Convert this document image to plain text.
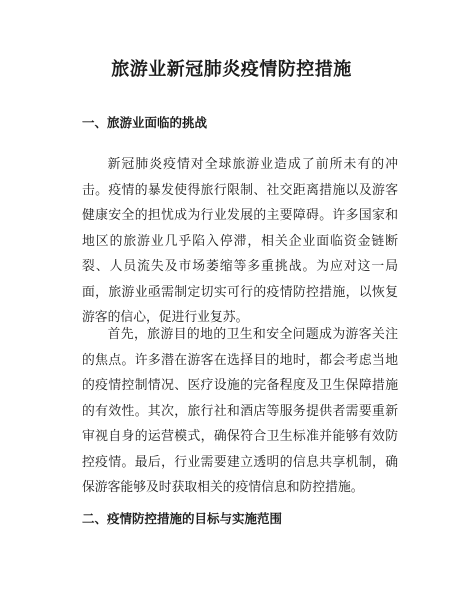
旅游业新冠肺炎疫情防控措施
一、旅游业面临的挑战

新冠肺炎疫情对全球旅游业造成了前所未有的冲击。疫情的暴发使得旅行限制、社交距离措施以及游客健康安全的担忧成为行业发展的主要障碍。许多国家和地区的旅游业几乎陷入停滞，相关企业面临资金链断裂、人员流失及市场萎缩等多重挑战。为应对这一局面，旅游业亟需制定切实可行的疫情防控措施，以恢复游客的信心，促进行业复苏。

首先，旅游目的地的卫生和安全问题成为游客关注的焦点。许多潜在游客在选择目的地时，都会考虑当地的疫情控制情况、医疗设施的完备程度及卫生保障措施的有效性。其次，旅行社和酒店等服务提供者需要重新审视自身的运营模式，确保符合卫生标准并能够有效防控疫情。最后，行业需要建立透明的信息共享机制，确保游客能够及时获取相关的疫情信息和防控措施。

二、疫情防控措施的目标与实施范围
